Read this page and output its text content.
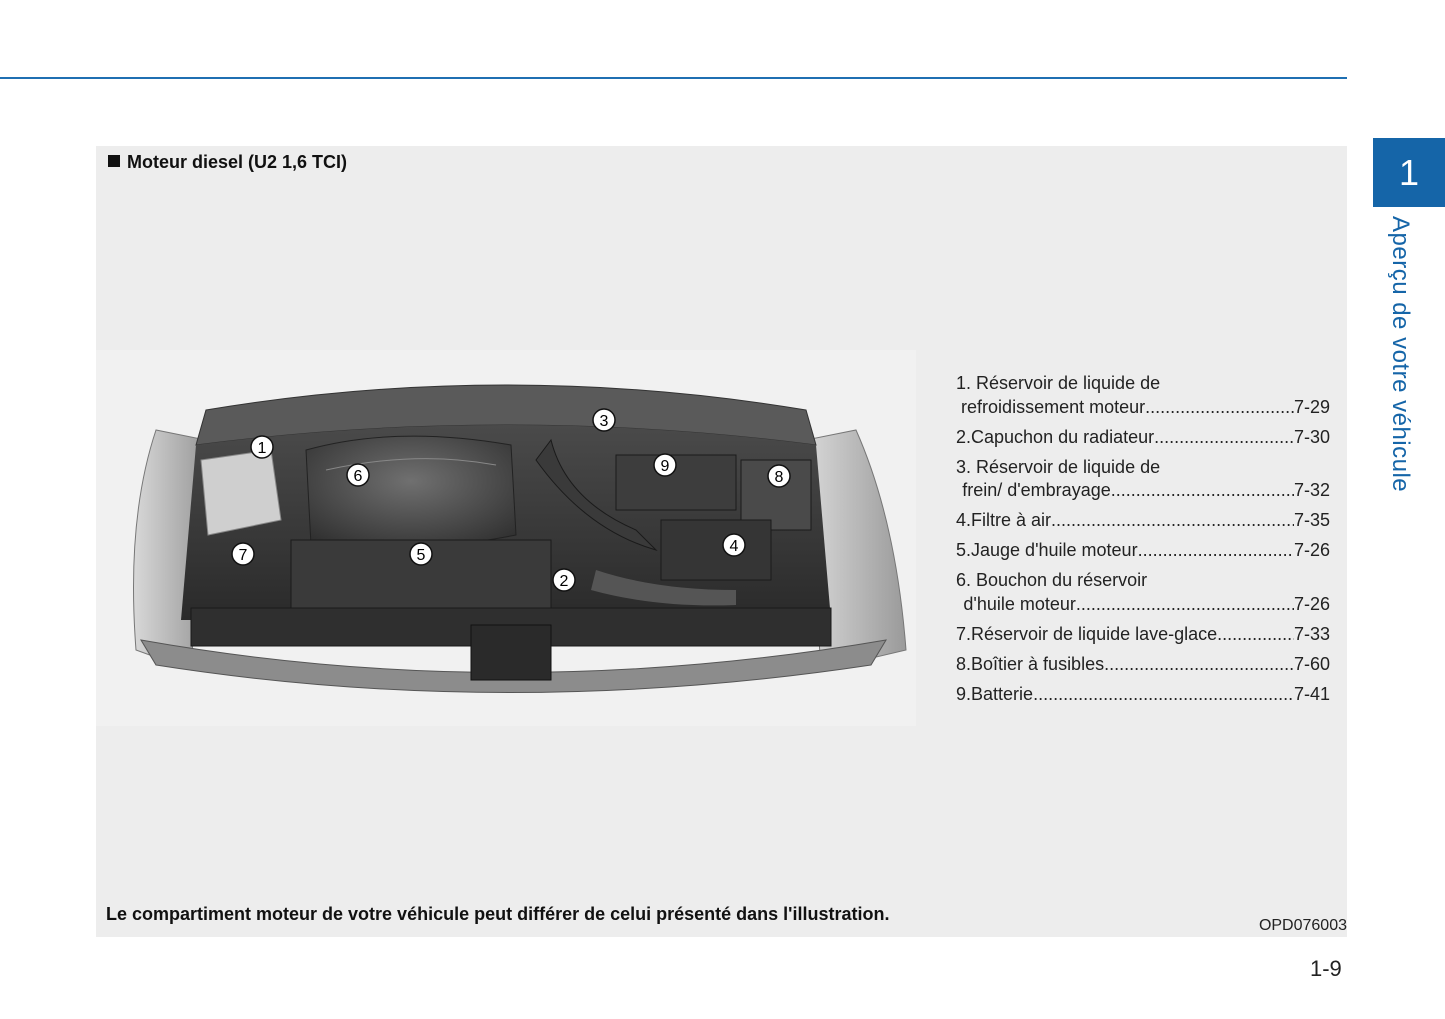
1
Aperçu de votre véhicule
Moteur diesel (U2 1,6 TCI)
1
2
3
4
5
6
7
8
9
1. Réservoir de liquide de
refroidissement moteur .....	7-29
2. Capuchon du radiateur .....	7-30
3. Réservoir de liquide de
frein/ d'embrayage .....	7-32
4. Filtre à air .....	7-35
5. Jauge d'huile moteur .....	7-26
6. Bouchon du réservoir
d'huile moteur .....	7-26
7. Réservoir de liquide lave-glace .....	7-33
8. Boîtier à fusibles .....	7-60
9. Batterie .....	7-41
Le compartiment moteur de votre véhicule peut différer de celui présenté dans l'illustration.
OPD076003
1-9
